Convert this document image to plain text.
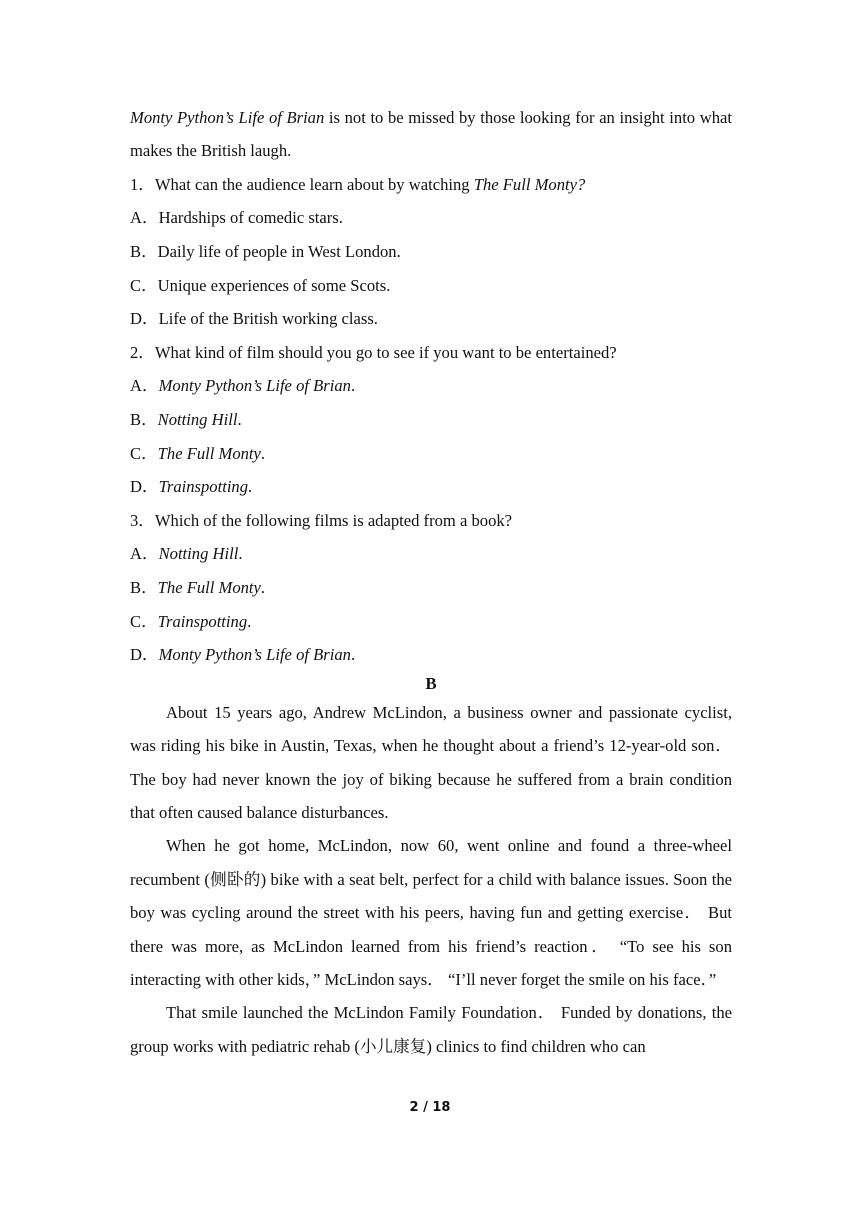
Monty Python’s Life of Brian is not to be missed by those looking for an insight into what makes the British laugh.

1．What can the audience learn about by watching The Full Monty?
A．Hardships of comedic stars.
B．Daily life of people in West London.
C．Unique experiences of some Scots.
D．Life of the British working class.
2．What kind of film should you go to see if you want to be entertained?
A．Monty Python’s Life of Brian.
B．Notting Hill.
C．The Full Monty.
D．Trainspotting.
3．Which of the following films is adapted from a book?
A．Notting Hill.
B．The Full Monty.
C．Trainspotting.
D．Monty Python’s Life of Brian.
B

About 15 years ago, Andrew McLindon, a business owner and passionate cyclist, was riding his bike in Austin, Texas, when he thought about a friend’s 12-year-old son． The boy had never known the joy of biking because he suffered from a brain condition that often caused balance disturbances.

When he got home, McLindon, now 60, went online and found a three-wheel recumbent (侧卧的) bike with a seat belt, perfect for a child with balance issues. Soon the boy was cycling around the street with his peers, having fun and getting exercise． But there was more, as McLindon learned from his friend’s reaction． “To see his son interacting with other kids，” McLindon says． “I’ll never forget the smile on his face．”

That smile launched the McLindon Family Foundation． Funded by donations, the group works with pediatric rehab (小儿康复) clinics to find children who can

2 / 18
